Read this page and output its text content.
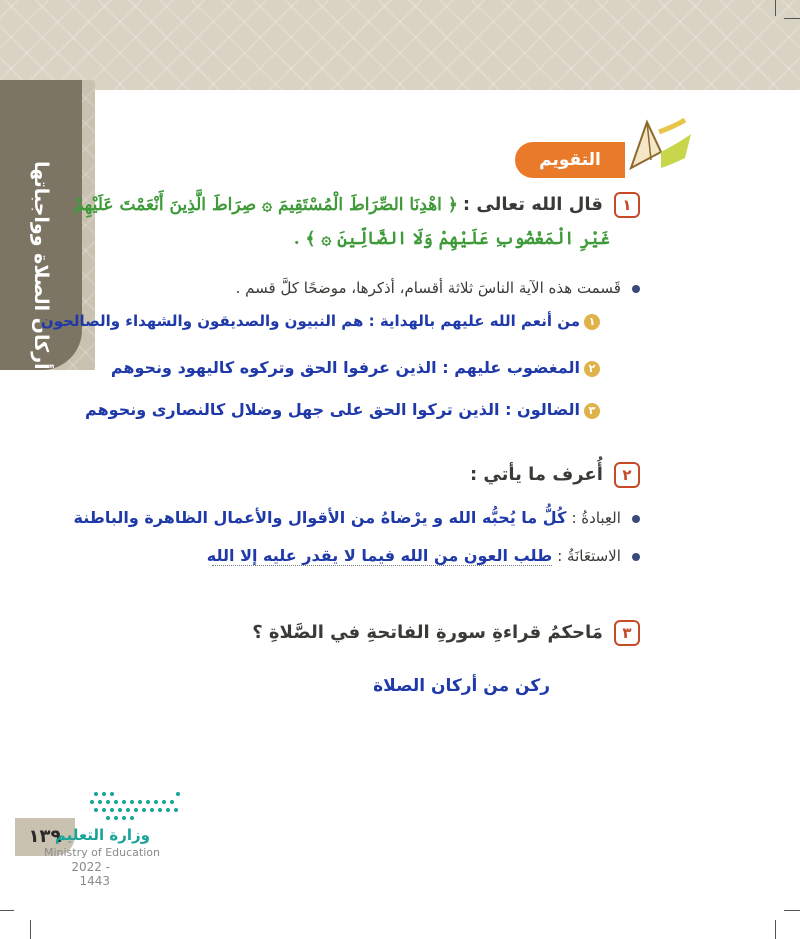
أركان الصلاة وواجباتها
التقويم
١ قال الله تعالى : ﴿ اهْدِنَا الصِّرَاطَ الْمُسْتَقِيمَ ۞ صِرَاطَ الَّذِينَ أَنْعَمْتَ عَلَيْهِمْ
غَيْرِ الْمَغْضُوبِ عَلَيْهِمْ وَلَا الضَّالِّينَ ۞ ﴾ .
قَسمت هذه الآية الناسَ ثلاثة أقسام، أذكرها، موضحًا كلَّ قسم .
١من أنعم الله عليهم بالهداية : هم النبيون والصديقون والشهداء والصالحون
٢المغضوب عليهم : الذين عرفوا الحق وتركوه كاليهود ونحوهم
٣الضالون : الذين تركوا الحق على جهل وضلال كالنصارى ونحوهم
٢ أُعرف ما يأتي :
العِبادةُ : كُلُّ ما يُحبُّه الله و يرْضاهُ من الأقوال والأعمال الظاهرة والباطنة
الاستعَانَةُ : طلب العون من الله فيما لا يقدر عليه إلا الله
٣ مَاحكمُ قراءةِ سورةِ الفاتحةِ في الصَّلاةِ ؟
ركن من أركان الصلاة
١٣٩
وزارة التعليم
Ministry of Education
2022 - 1443
